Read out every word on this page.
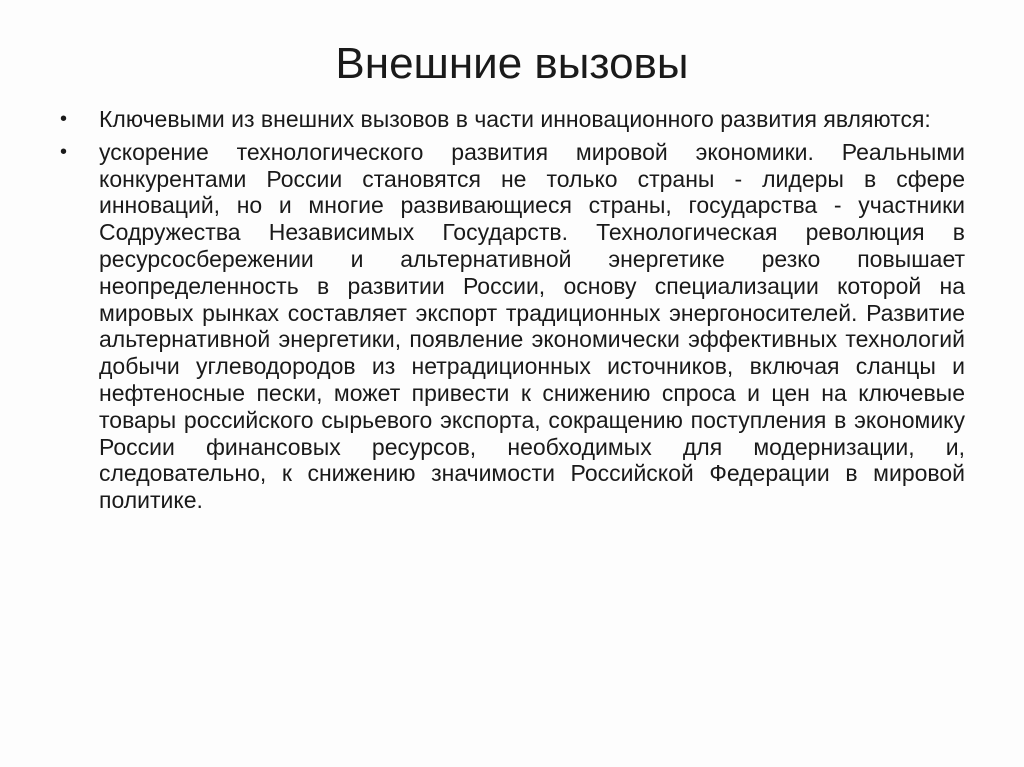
Внешние вызовы
• Ключевыми из внешних вызовов в части инновационного развития являются:
• ускорение технологического развития мировой экономики. Реальными конкурентами России становятся не только страны - лидеры в сфере инноваций, но и многие развивающиеся страны, государства - участники Содружества Независимых Государств. Технологическая революция в ресурсосбережении и альтернативной энергетике резко повышает неопределенность в развитии России, основу специализации которой на мировых рынках составляет экспорт традиционных энергоносителей. Развитие альтернативной энергетики, появление экономически эффективных технологий добычи углеводородов из нетрадиционных источников, включая сланцы и нефтеносные пески, может привести к снижению спроса и цен на ключевые товары российского сырьевого экспорта, сокращению поступления в экономику России финансовых ресурсов, необходимых для модернизации, и, следовательно, к снижению значимости Российской Федерации в мировой политике.
